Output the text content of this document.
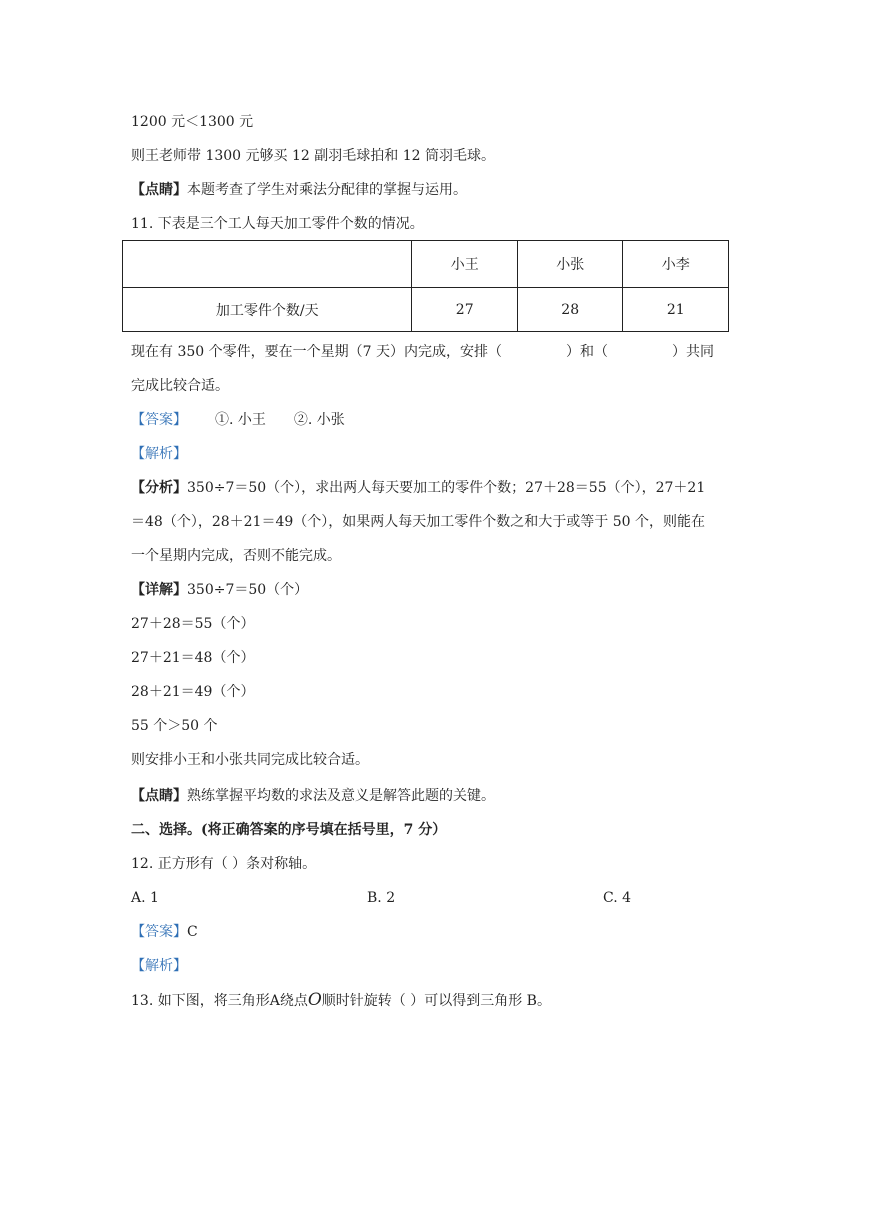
1200 元＜1300 元
则王老师带 1300 元够买 12 副羽毛球拍和 12 筒羽毛球。
【点睛】本题考查了学生对乘法分配律的掌握与运用。
11. 下表是三个工人每天加工零件个数的情况。
	小王	小张	小李
加工零件个数/天	27	28	21
现在有 350 个零件，要在一个星期（7 天）内完成，安排（	）和（	）共同
完成比较合适。
【答案】 ①. 小王 ②. 小张
【解析】
【分析】350÷7＝50（个），求出两人每天要加工的零件个数；27＋28＝55（个），27＋21
＝48（个），28＋21＝49（个），如果两人每天加工零件个数之和大于或等于 50 个，则能在
一个星期内完成，否则不能完成。
【详解】350÷7＝50（个）
27＋28＝55（个）
27＋21＝48（个）
28＋21＝49（个）
55 个＞50 个
则安排小王和小张共同完成比较合适。
【点睛】熟练掌握平均数的求法及意义是解答此题的关键。
二、选择。(将正确答案的序号填在括号里，7 分）
12. 正方形有（ ）条对称轴。
A. 1	B. 2	C. 4
【答案】C
【解析】
13. 如下图，将三角形A绕点O顺时针旋转（ ）可以得到三角形 B。
